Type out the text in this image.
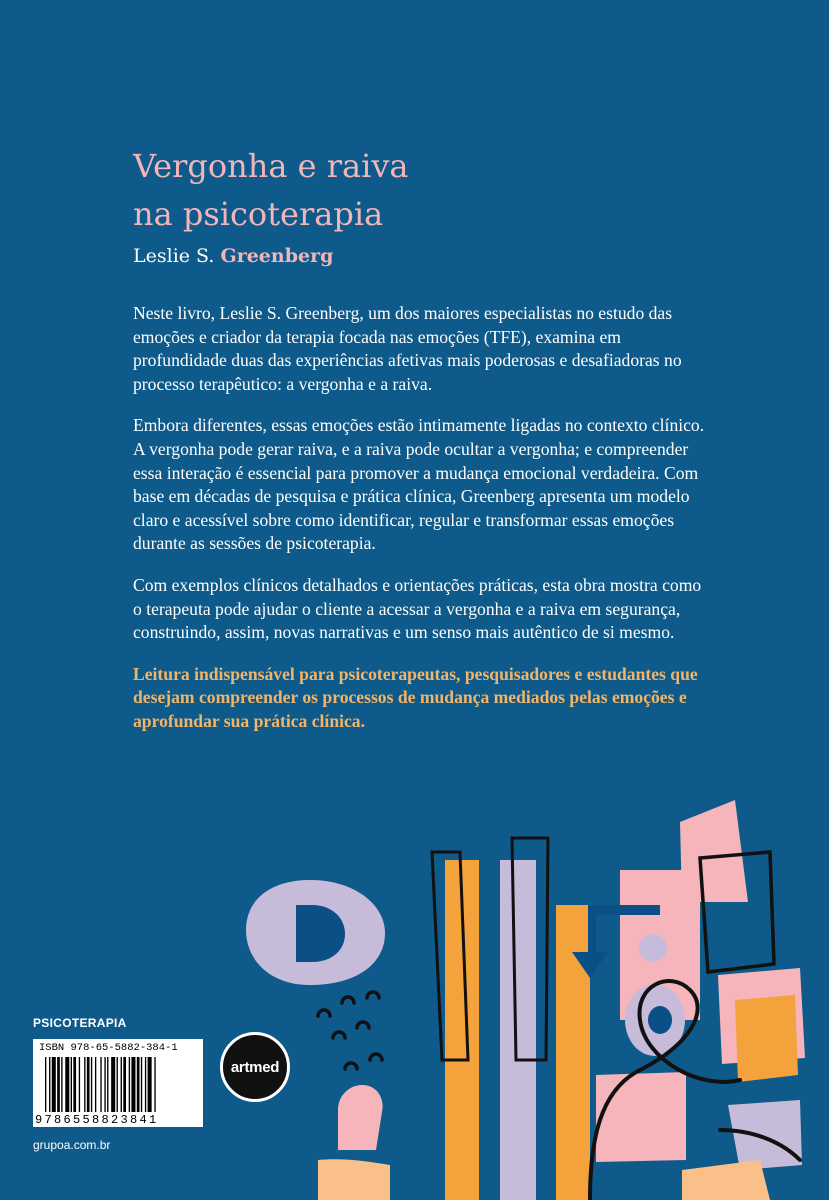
Vergonha e raiva
na psicoterapia

Leslie S. Greenberg

Neste livro, Leslie S. Greenberg, um dos maiores especialistas no estudo das emoções e criador da terapia focada nas emoções (TFE), examina em profundidade duas das experiências afetivas mais poderosas e desafiadoras no processo terapêutico: a vergonha e a raiva.

Embora diferentes, essas emoções estão intimamente ligadas no contexto clínico. A vergonha pode gerar raiva, e a raiva pode ocultar a vergonha; e compreender essa interação é essencial para promover a mudança emocional verdadeira. Com base em décadas de pesquisa e prática clínica, Greenberg apresenta um modelo claro e acessível sobre como identificar, regular e transformar essas emoções durante as sessões de psicoterapia.

Com exemplos clínicos detalhados e orientações práticas, esta obra mostra como o terapeuta pode ajudar o cliente a acessar a vergonha e a raiva em segurança, construindo, assim, novas narrativas e um senso mais autêntico de si mesmo.

Leitura indispensável para psicoterapeutas, pesquisadores e estudantes que desejam compreender os processos de mudança mediados pelas emoções e aprofundar sua prática clínica.

PSICOTERAPIA
ISBN 978-65-5882-384-1
9786558823841
artmed
grupoa.com.br
